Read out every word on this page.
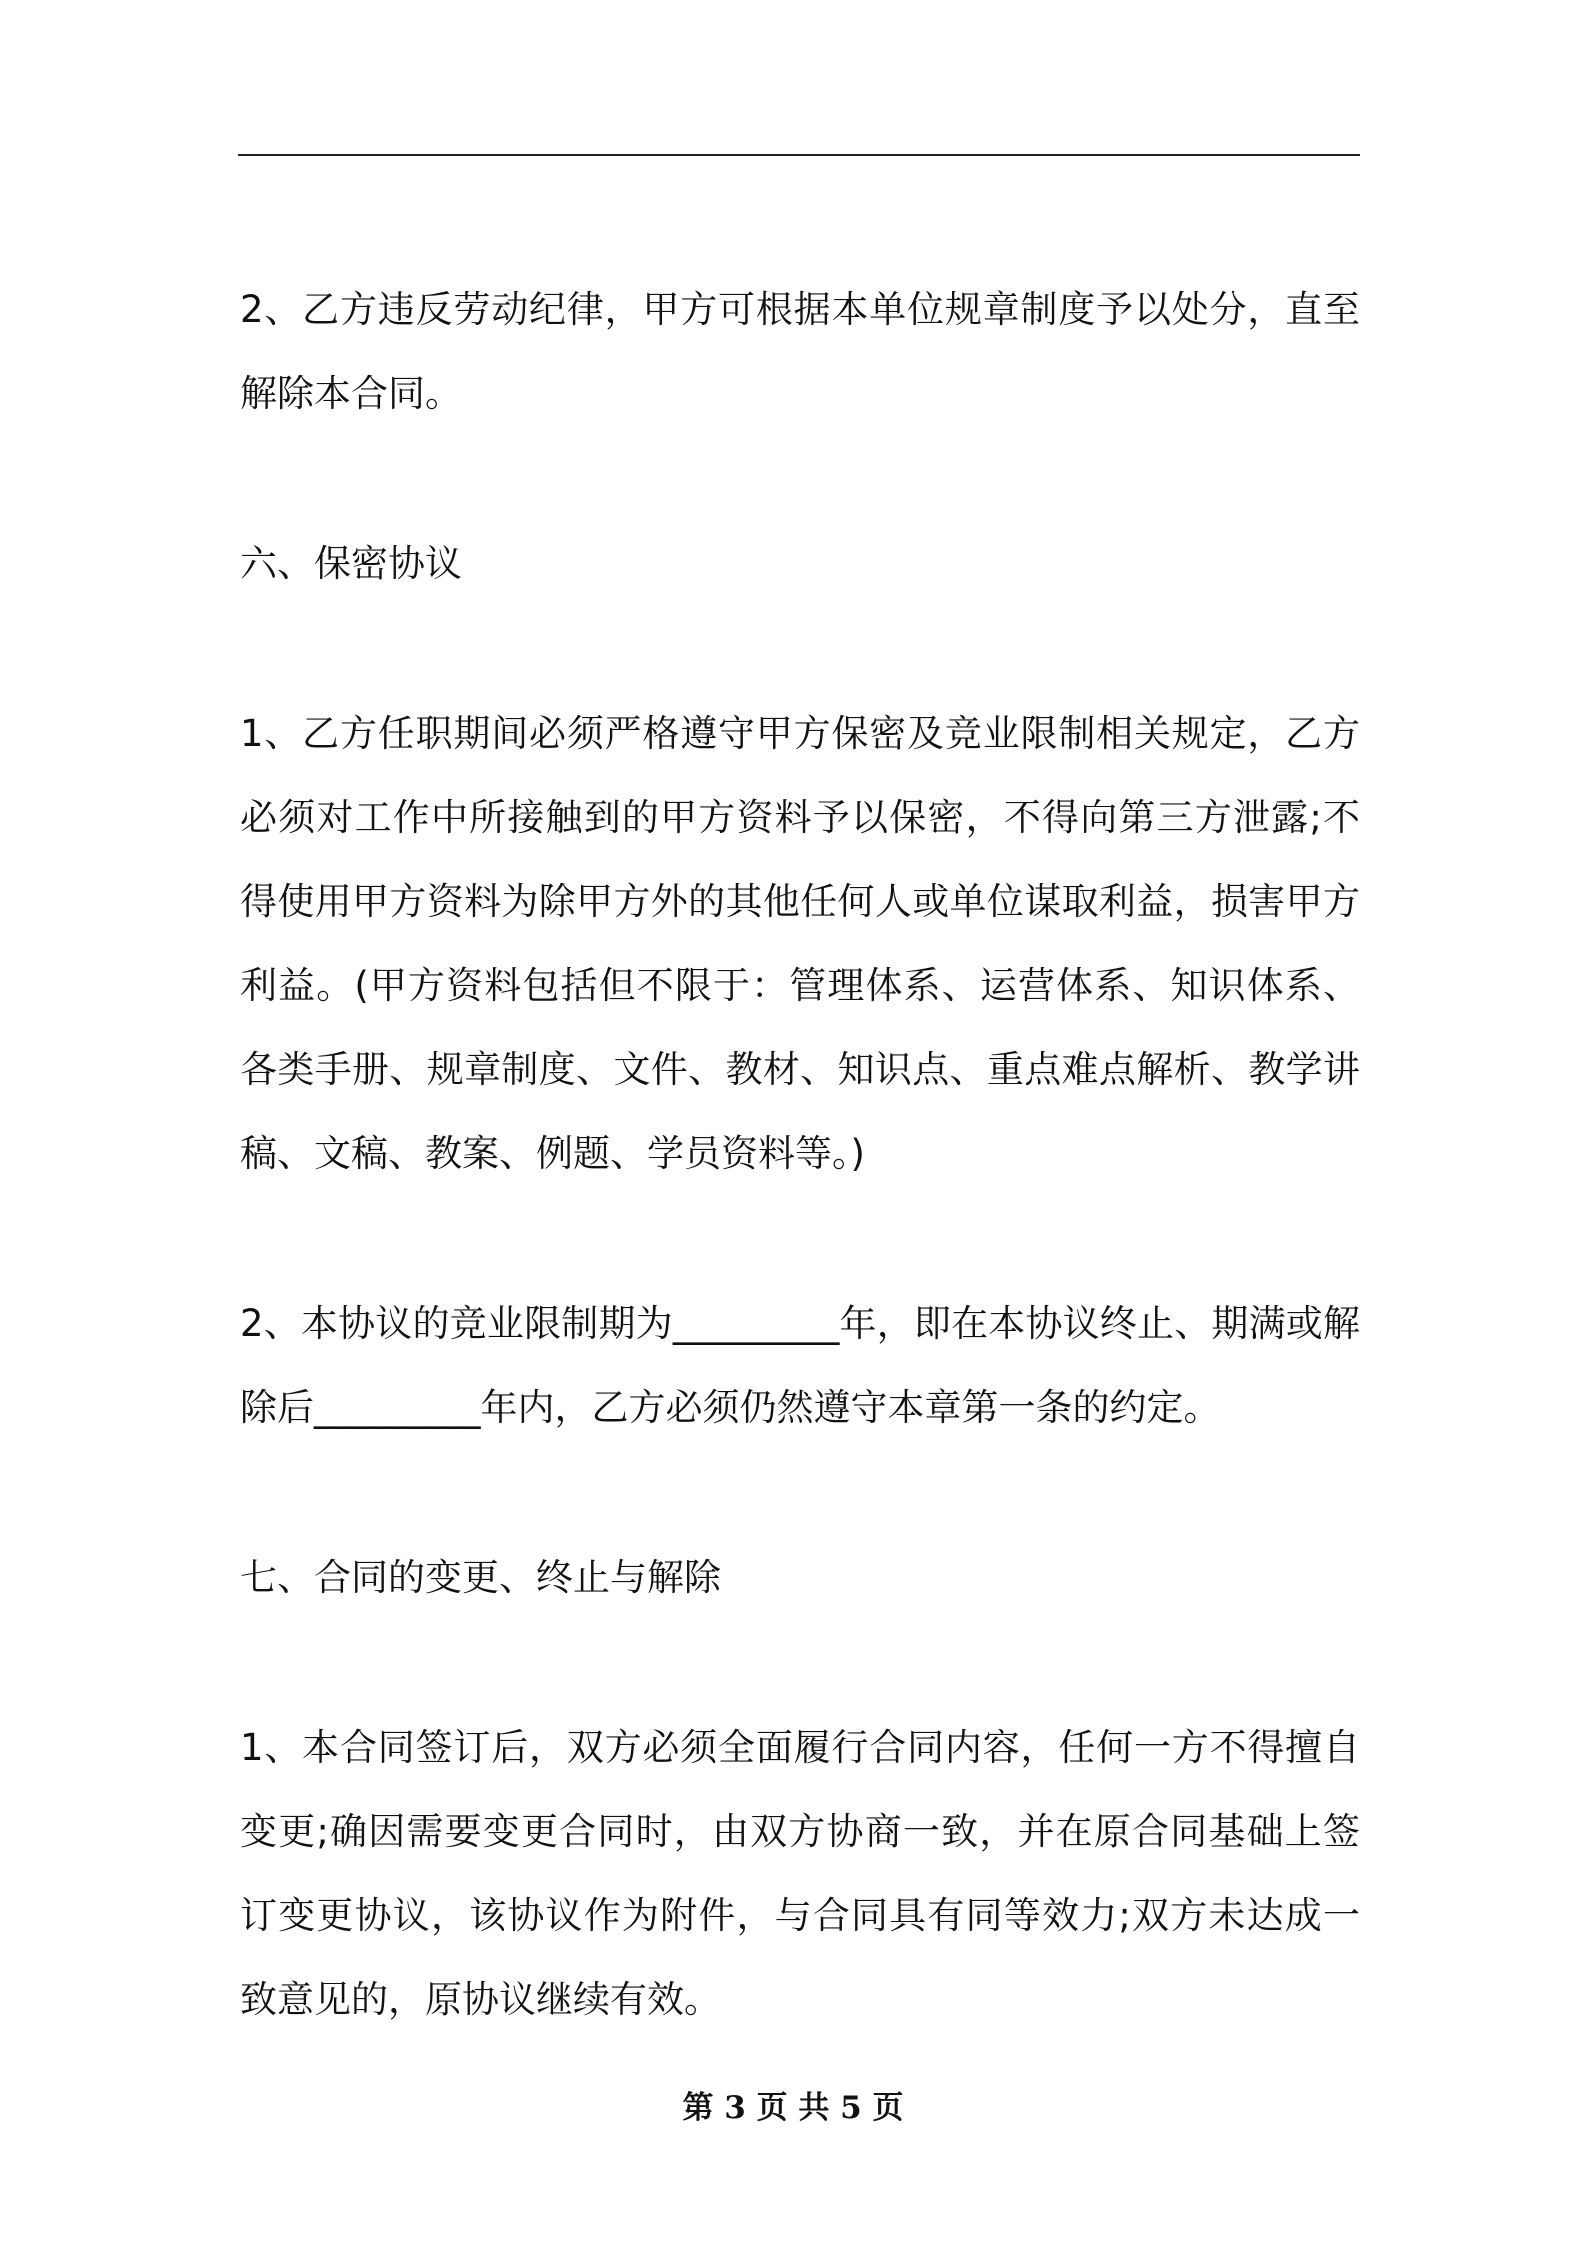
2、乙方违反劳动纪律，甲方可根据本单位规章制度予以处分，直至解除本合同。

六、保密协议

1、乙方任职期间必须严格遵守甲方保密及竞业限制相关规定，乙方必须对工作中所接触到的甲方资料予以保密，不得向第三方泄露;不得使用甲方资料为除甲方外的其他任何人或单位谋取利益，损害甲方利益。(甲方资料包括但不限于：管理体系、运营体系、知识体系、各类手册、规章制度、文件、教材、知识点、重点难点解析、教学讲稿、文稿、教案、例题、学员资料等。)

2、本协议的竞业限制期为_________年，即在本协议终止、期满或解除后_________年内，乙方必须仍然遵守本章第一条的约定。

七、合同的变更、终止与解除

1、本合同签订后，双方必须全面履行合同内容，任何一方不得擅自变更;确因需要变更合同时，由双方协商一致，并在原合同基础上签订变更协议，该协议作为附件，与合同具有同等效力;双方未达成一致意见的，原协议继续有效。

第 3 页 共 5 页
